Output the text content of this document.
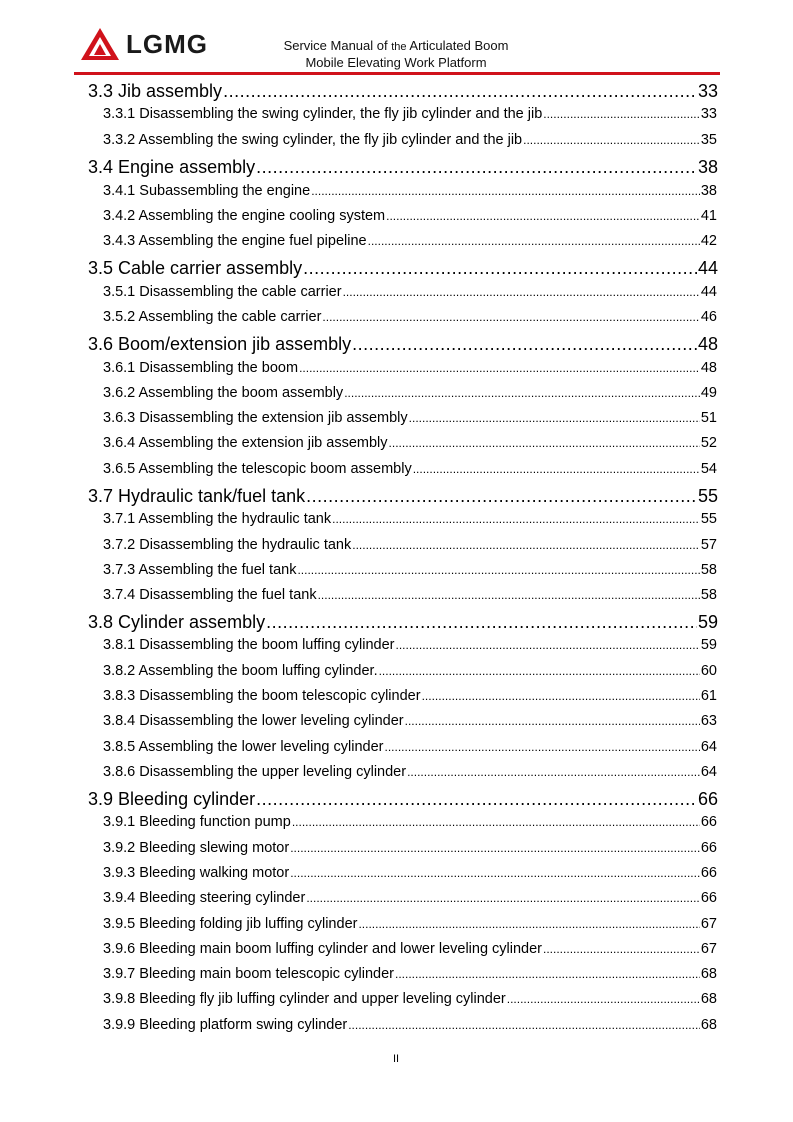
LGMG	Service Manual of the Articulated Boom
Mobile Elevating Work Platform
3.3 Jib assembly .....	33
3.3.1 Disassembling the swing cylinder, the fly jib cylinder and the jib .....	33
3.3.2 Assembling the swing cylinder, the fly jib cylinder and the jib .....	35
3.4 Engine assembly .....	38
3.4.1 Subassembling the engine .....	38
3.4.2 Assembling the engine cooling system .....	41
3.4.3 Assembling the engine fuel pipeline .....	42
3.5 Cable carrier assembly .....	44
3.5.1 Disassembling the cable carrier .....	44
3.5.2 Assembling the cable carrier .....	46
3.6 Boom/extension jib assembly .....	48
3.6.1 Disassembling the boom .....	48
3.6.2 Assembling the boom assembly .....	49
3.6.3 Disassembling the extension jib assembly .....	51
3.6.4 Assembling the extension jib assembly .....	52
3.6.5 Assembling the telescopic boom assembly .....	54
3.7 Hydraulic tank/fuel tank .....	55
3.7.1 Assembling the hydraulic tank .....	55
3.7.2 Disassembling the hydraulic tank .....	57
3.7.3 Assembling the fuel tank .....	58
3.7.4 Disassembling the fuel tank .....	58
3.8 Cylinder assembly .....	59
3.8.1 Disassembling the boom luffing cylinder .....	59
3.8.2 Assembling the boom luffing cylinder. .....	60
3.8.3 Disassembling the boom telescopic cylinder .....	61
3.8.4 Disassembling the lower leveling cylinder .....	63
3.8.5 Assembling the lower leveling cylinder .....	64
3.8.6 Disassembling the upper leveling cylinder .....	64
3.9 Bleeding cylinder .....	66
3.9.1 Bleeding function pump .....	66
3.9.2 Bleeding slewing motor .....	66
3.9.3 Bleeding walking motor .....	66
3.9.4 Bleeding steering cylinder .....	66
3.9.5 Bleeding folding jib luffing cylinder .....	67
3.9.6 Bleeding main boom luffing cylinder and lower leveling cylinder .....	67
3.9.7 Bleeding main boom telescopic cylinder .....	68
3.9.8 Bleeding fly jib luffing cylinder and upper leveling cylinder .....	68
3.9.9 Bleeding platform swing cylinder .....	68
II
